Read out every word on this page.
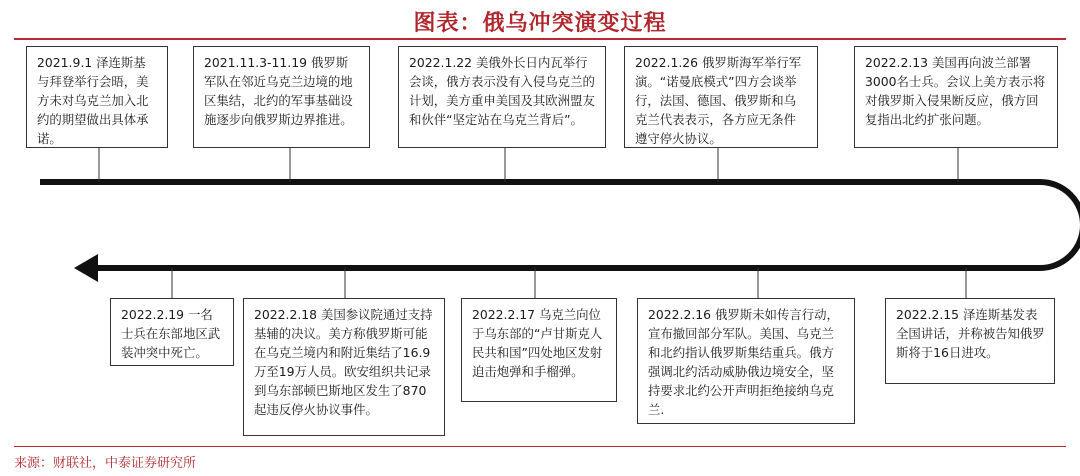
图表：俄乌冲突演变过程
2021.9.1 泽连斯基与拜登举行会晤，美方未对乌克兰加入北约的期望做出具体承诺。
2021.11.3-11.19 俄罗斯军队在邻近乌克兰边境的地区集结，北约的军事基础设施逐步向俄罗斯边界推进。
2022.1.22 美俄外长日内瓦举行会谈，俄方表示没有入侵乌克兰的计划，美方重申美国及其欧洲盟友和伙伴“坚定站在乌克兰背后”。
2022.1.26 俄罗斯海军举行军演。“诺曼底模式”四方会谈举行，法国、德国、俄罗斯和乌克兰代表表示，各方应无条件遵守停火协议。
2022.2.13 美国再向波兰部署3000名士兵。会议上美方表示将对俄罗斯入侵果断反应，俄方回复指出北约扩张问题。
2022.2.19 一名士兵在东部地区武装冲突中死亡。
2022.2.18 美国参议院通过支持基辅的决议。美方称俄罗斯可能在乌克兰境内和附近集结了16.9万至19万人员。欧安组织共记录到乌东部顿巴斯地区发生了870起违反停火协议事件。
2022.2.17 乌克兰向位于乌东部的“卢甘斯克人民共和国”四处地区发射迫击炮弹和手榴弹。
2022.2.16 俄罗斯未如传言行动，宣布撤回部分军队。美国、乌克兰和北约指认俄罗斯集结重兵。俄方强调北约活动威胁俄边境安全，坚持要求北约公开声明拒绝接纳乌克兰.
2022.2.15 泽连斯基发表全国讲话，并称被告知俄罗斯将于16日进攻。
来源：财联社，中泰证券研究所
